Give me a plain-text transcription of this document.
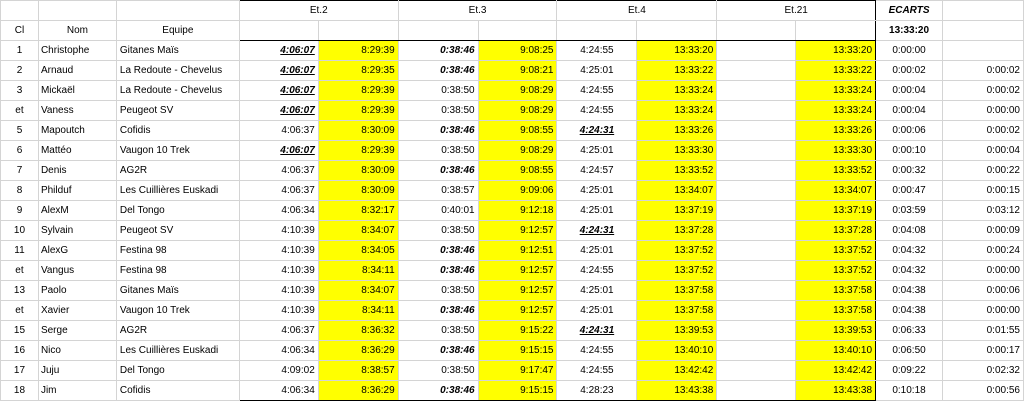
			Et.2		Et.3		Et.4		Et.21		ECARTS	
Cl	Nom	Equipe									13:33:20	
1	Christophe	Gitanes Maïs	4:06:07	8:29:39	0:38:46	9:08:25	4:24:55	13:33:20		13:33:20	0:00:00	
2	Arnaud	La Redoute - Chevelus	4:06:07	8:29:35	0:38:46	9:08:21	4:25:01	13:33:22		13:33:22	0:00:02	0:00:02
3	Mickaël	La Redoute - Chevelus	4:06:07	8:29:39	0:38:50	9:08:29	4:24:55	13:33:24		13:33:24	0:00:04	0:00:02
et	Vaness	Peugeot SV	4:06:07	8:29:39	0:38:50	9:08:29	4:24:55	13:33:24		13:33:24	0:00:04	0:00:00
5	Mapoutch	Cofidis	4:06:37	8:30:09	0:38:46	9:08:55	4:24:31	13:33:26		13:33:26	0:00:06	0:00:02
6	Mattéo	Vaugon 10 Trek	4:06:07	8:29:39	0:38:50	9:08:29	4:25:01	13:33:30		13:33:30	0:00:10	0:00:04
7	Denis	AG2R	4:06:37	8:30:09	0:38:46	9:08:55	4:24:57	13:33:52		13:33:52	0:00:32	0:00:22
8	Philduf	Les Cuillières Euskadi	4:06:37	8:30:09	0:38:57	9:09:06	4:25:01	13:34:07		13:34:07	0:00:47	0:00:15
9	AlexM	Del Tongo	4:06:34	8:32:17	0:40:01	9:12:18	4:25:01	13:37:19		13:37:19	0:03:59	0:03:12
10	Sylvain	Peugeot SV	4:10:39	8:34:07	0:38:50	9:12:57	4:24:31	13:37:28		13:37:28	0:04:08	0:00:09
11	AlexG	Festina 98	4:10:39	8:34:05	0:38:46	9:12:51	4:25:01	13:37:52		13:37:52	0:04:32	0:00:24
et	Vangus	Festina 98	4:10:39	8:34:11	0:38:46	9:12:57	4:24:55	13:37:52		13:37:52	0:04:32	0:00:00
13	Paolo	Gitanes Maïs	4:10:39	8:34:07	0:38:50	9:12:57	4:25:01	13:37:58		13:37:58	0:04:38	0:00:06
et	Xavier	Vaugon 10 Trek	4:10:39	8:34:11	0:38:46	9:12:57	4:25:01	13:37:58		13:37:58	0:04:38	0:00:00
15	Serge	AG2R	4:06:37	8:36:32	0:38:50	9:15:22	4:24:31	13:39:53		13:39:53	0:06:33	0:01:55
16	Nico	Les Cuillières Euskadi	4:06:34	8:36:29	0:38:46	9:15:15	4:24:55	13:40:10		13:40:10	0:06:50	0:00:17
17	Juju	Del Tongo	4:09:02	8:38:57	0:38:50	9:17:47	4:24:55	13:42:42		13:42:42	0:09:22	0:02:32
18	Jim	Cofidis	4:06:34	8:36:29	0:38:46	9:15:15	4:28:23	13:43:38		13:43:38	0:10:18	0:00:56
